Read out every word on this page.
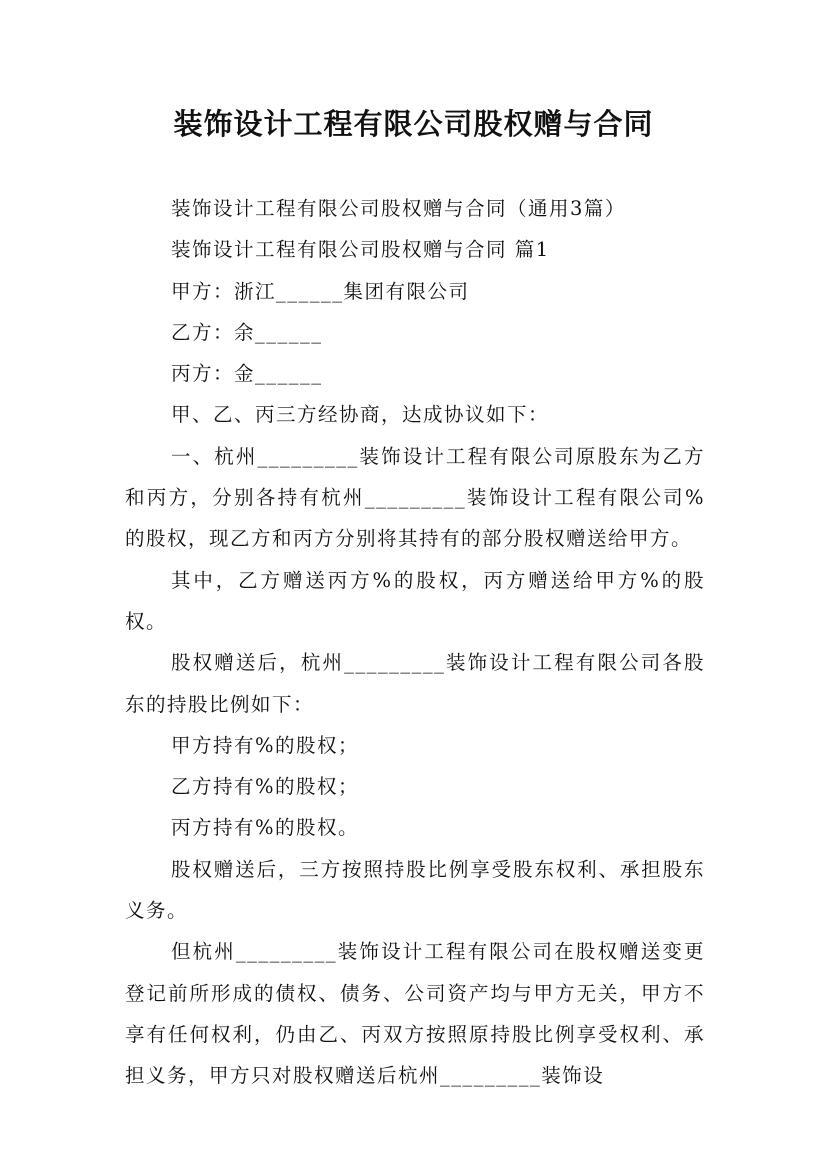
装饰设计工程有限公司股权赠与合同

装饰设计工程有限公司股权赠与合同（通用3篇）

装饰设计工程有限公司股权赠与合同 篇1

甲方：浙江______集团有限公司

乙方：余______

丙方：金______

甲、乙、丙三方经协商，达成协议如下：

一、杭州_________装饰设计工程有限公司原股东为乙方和丙方，分别各持有杭州_________装饰设计工程有限公司%的股权，现乙方和丙方分别将其持有的部分股权赠送给甲方。

其中，乙方赠送丙方%的股权，丙方赠送给甲方%的股权。

股权赠送后，杭州_________装饰设计工程有限公司各股东的持股比例如下：

甲方持有%的股权；

乙方持有%的股权；

丙方持有%的股权。

股权赠送后，三方按照持股比例享受股东权利、承担股东义务。

但杭州_________装饰设计工程有限公司在股权赠送变更登记前所形成的债权、债务、公司资产均与甲方无关，甲方不享有任何权利，仍由乙、丙双方按照原持股比例享受权利、承担义务，甲方只对股权赠送后杭州_________装饰设
